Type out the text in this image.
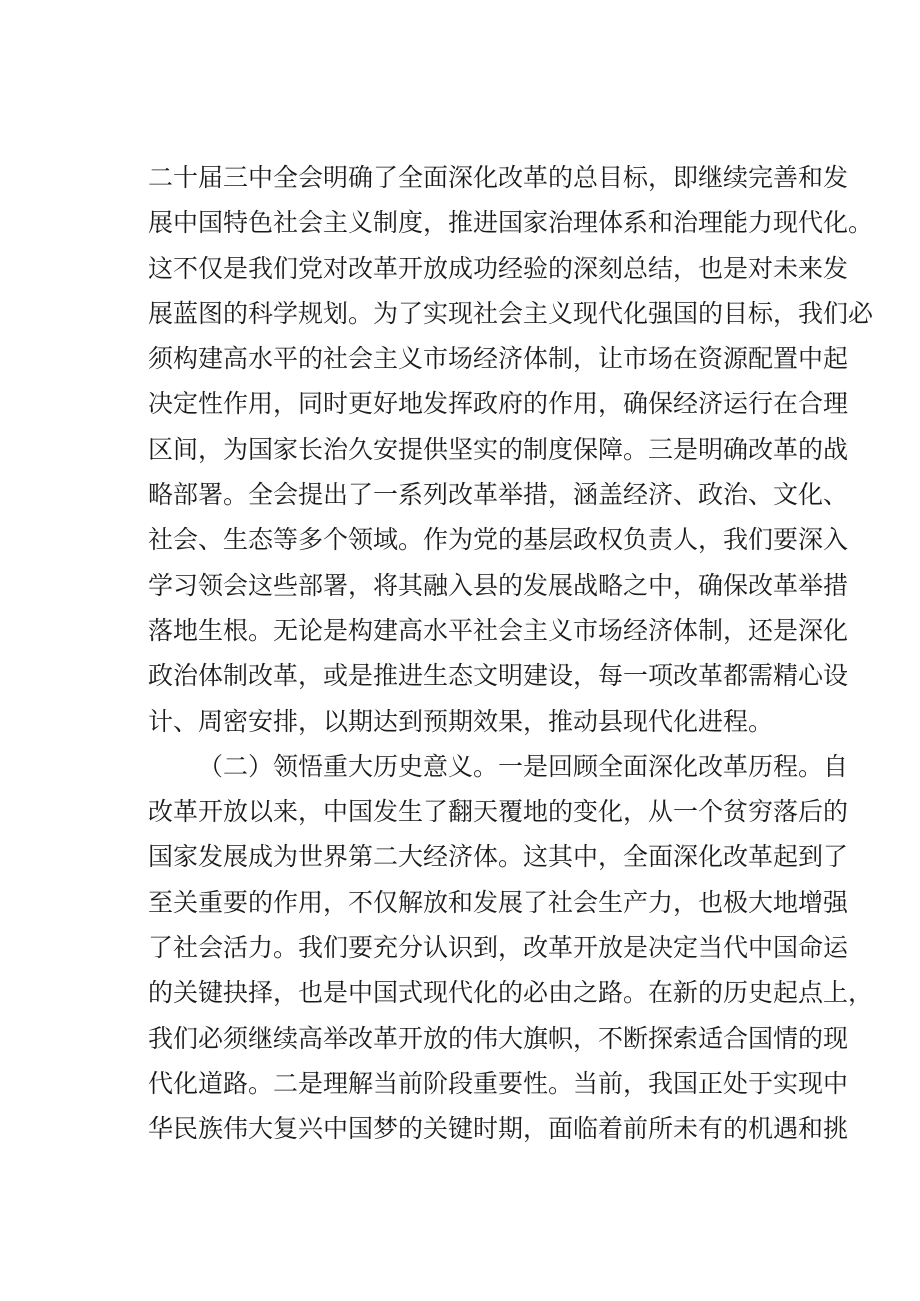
二十届三中全会明确了全面深化改革的总目标，即继续完善和发
展中国特色社会主义制度，推进国家治理体系和治理能力现代化。
这不仅是我们党对改革开放成功经验的深刻总结，也是对未来发
展蓝图的科学规划。为了实现社会主义现代化强国的目标，我们必
须构建高水平的社会主义市场经济体制，让市场在资源配置中起
决定性作用，同时更好地发挥政府的作用，确保经济运行在合理
区间，为国家长治久安提供坚实的制度保障。三是明确改革的战
略部署。全会提出了一系列改革举措，涵盖经济、政治、文化、
社会、生态等多个领域。作为党的基层政权负责人，我们要深入
学习领会这些部署，将其融入县的发展战略之中，确保改革举措
落地生根。无论是构建高水平社会主义市场经济体制，还是深化
政治体制改革，或是推进生态文明建设，每一项改革都需精心设
计、周密安排，以期达到预期效果，推动县现代化进程。
（二）领悟重大历史意义。一是回顾全面深化改革历程。自
改革开放以来，中国发生了翻天覆地的变化，从一个贫穷落后的
国家发展成为世界第二大经济体。这其中，全面深化改革起到了
至关重要的作用，不仅解放和发展了社会生产力，也极大地增强
了社会活力。我们要充分认识到，改革开放是决定当代中国命运
的关键抉择，也是中国式现代化的必由之路。在新的历史起点上，
我们必须继续高举改革开放的伟大旗帜，不断探索适合国情的现
代化道路。二是理解当前阶段重要性。当前，我国正处于实现中
华民族伟大复兴中国梦的关键时期，面临着前所未有的机遇和挑
